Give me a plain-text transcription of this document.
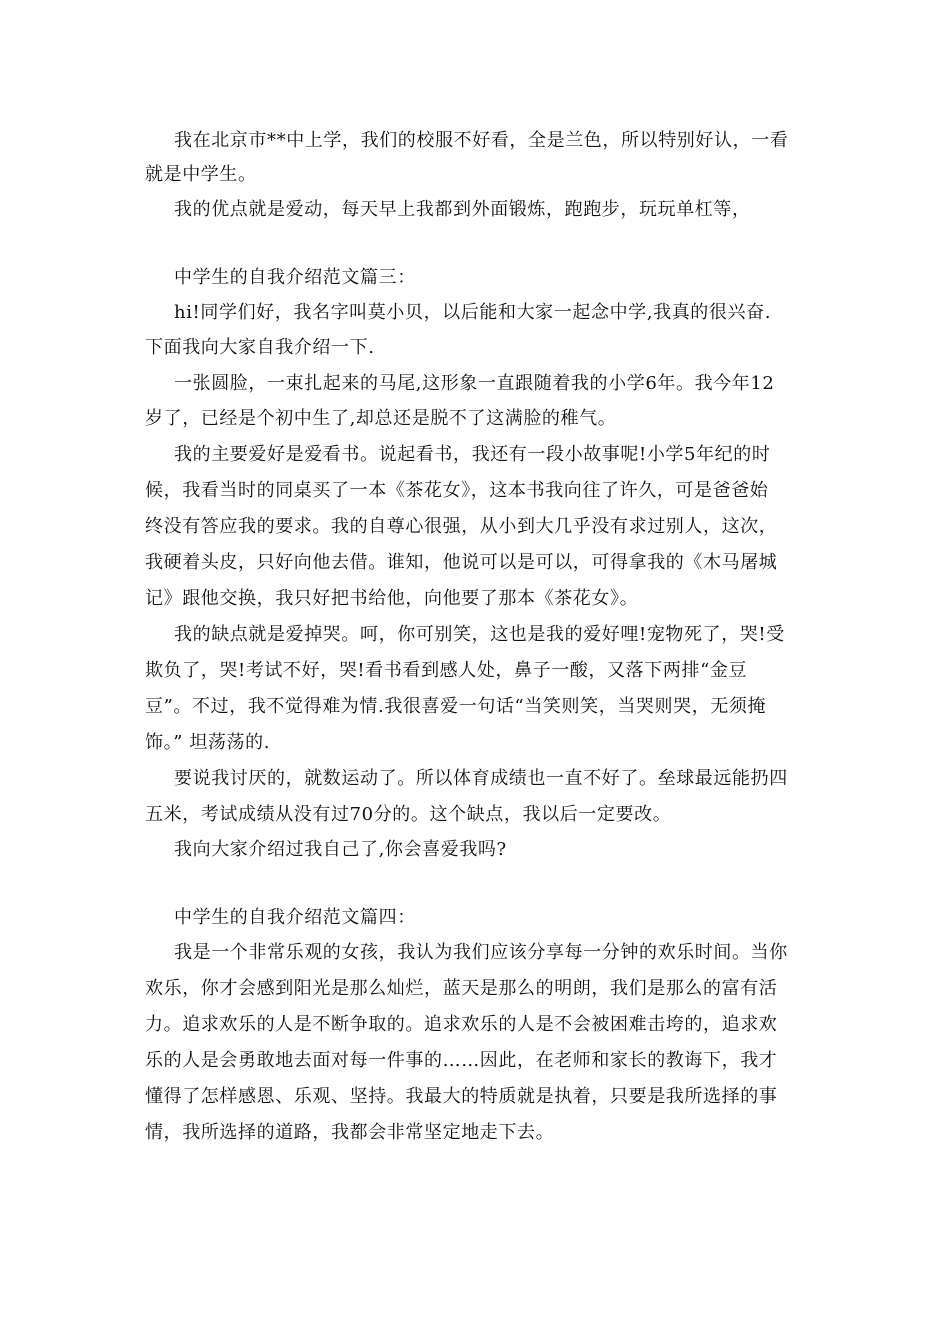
我在北京市**中上学，我们的校服不好看，全是兰色，所以特别好认，一看
就是中学生。
我的优点就是爱动，每天早上我都到外面锻炼，跑跑步，玩玩单杠等，
中学生的自我介绍范文篇三：
hi!同学们好，我名字叫莫小贝，以后能和大家一起念中学,我真的很兴奋.
下面我向大家自我介绍一下.
一张圆脸，一束扎起来的马尾,这形象一直跟随着我的小学6年。我今年12
岁了，已经是个初中生了,却总还是脱不了这满脸的稚气。
我的主要爱好是爱看书。说起看书，我还有一段小故事呢!小学5年纪的时
候，我看当时的同桌买了一本《茶花女》，这本书我向往了许久，可是爸爸始
终没有答应我的要求。我的自尊心很强，从小到大几乎没有求过别人，这次，
我硬着头皮，只好向他去借。谁知，他说可以是可以，可得拿我的《木马屠城
记》跟他交换，我只好把书给他，向他要了那本《茶花女》。
我的缺点就是爱掉哭。呵，你可别笑，这也是我的爱好哩!宠物死了，哭!受
欺负了，哭!考试不好，哭!看书看到感人处，鼻子一酸，又落下两排“金豆
豆”。不过，我不觉得难为情.我很喜爱一句话“当笑则笑，当哭则哭，无须掩
饰。” 坦荡荡的.
要说我讨厌的，就数运动了。所以体育成绩也一直不好了。垒球最远能扔四
五米，考试成绩从没有过70分的。这个缺点，我以后一定要改。
我向大家介绍过我自己了,你会喜爱我吗?
中学生的自我介绍范文篇四：
我是一个非常乐观的女孩，我认为我们应该分享每一分钟的欢乐时间。当你
欢乐，你才会感到阳光是那么灿烂，蓝天是那么的明朗，我们是那么的富有活
力。追求欢乐的人是不断争取的。追求欢乐的人是不会被困难击垮的，追求欢
乐的人是会勇敢地去面对每一件事的……因此，在老师和家长的教诲下，我才
懂得了怎样感恩、乐观、坚持。我最大的特质就是执着，只要是我所选择的事
情，我所选择的道路，我都会非常坚定地走下去。
